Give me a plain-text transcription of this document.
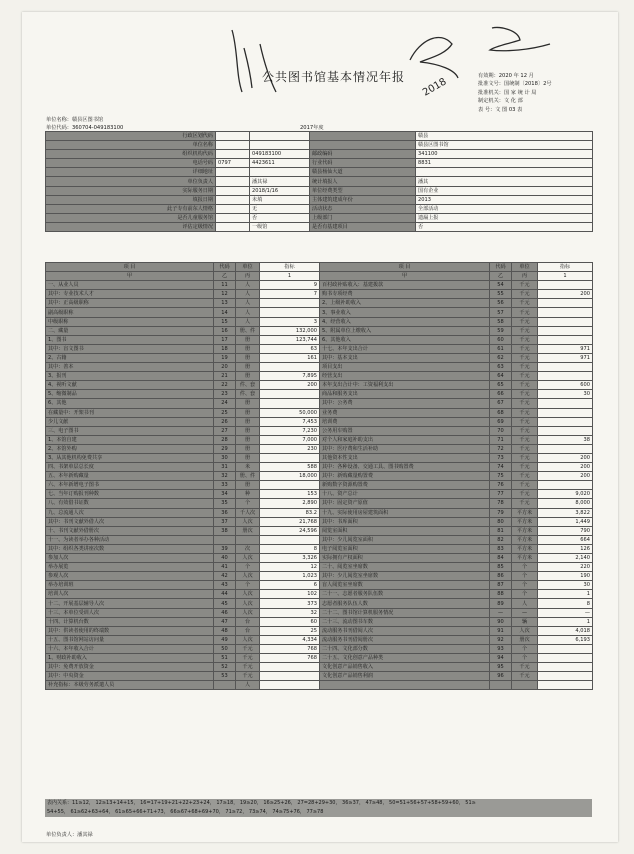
2018
公共图书馆基本情况年报	有效期：2020 年 12 月
批准文号：国统制〔2018〕2号
批准机关：国 家 统 计 局
制定机关：文 化 部
表 号：文 图 03 表
单位名称：赣县区图书馆
单位代码：360704-049183100	2017年度
行政区划代码				赣县
单位名称				赣县区图书馆
组织机构代码		049183100	邮政编码	341100
电话号码	0797	4423611	行业代码	8831
详细地址			赣县杨仙大道	
单位负责人		潘其禄	统计填报人	潘其
实际服务日期		2018/1/16	单位经费类型	国有企业
填报日期		未填	主体建筑建成年份	2013
此子专有前东人情格		无	活动状态	全部活动
是否儿童服务馆		否	上级部门	遗漏上报
评估定级情况		一级馆	是否有基建项目	否
项 目	代码	单位	指标	项 目	代码	单位	指标
甲	乙	丙	1	甲	乙	丙	1
一、从业人员	11	人	9	百村政补贴收入：基建拨款	54	千元	
其中：专业技术人才	12	人	7	购书专项经费	55	千元	200
其中：正高级职称	13	人		2、上级补助收入	56	千元	
副高级职称	14	人		3、事业收入	57	千元	
中级职称	15	人	3	4、经营收入	58	千元	
二、藏量	16	册、件	132,000	5、附属单位上缴收入	59	千元	
1、图书	17	册	123,744	6、其他收入	60	千元	
其中：盲文图书	18	册	63	十七、本年支出合计	61	千元	971
2、古籍	19	册	161	其中：基本支出	62	千元	971
其中：善本	20	册		项目支出	63	千元	
3、报刊	21	册	7,895	经营支出	64	千元	
4、视听文献	22	件、套	200	本年支出合计中：工资福利支出	65	千元	600
5、缩微制品	23	件、套		商品和服务支出	66	千元	30
6、其他	24	册		其中：公务费	67	千元	
在藏量中：开架书刊	25	册	50,000	业务费	68	千元	
少儿文献	26	册	7,453	培训费	69	千元	
三、电子图书	27	册	7,230	公务用车购置	70	千元	
1、本馆自建	28	册	7,000	对个人和家庭补助支出	71	千元	38
2、本馆外购	29	册	230	其中：医疗费和生活补助	72	千元	
3、从其他机构免费共享	30	册		其他资本性支出	73	千元	200
四、书架单层总长度	31	米	588	其中：各种设备、交通工具、图书购置费	74	千元	200
五、本年新购藏量	32	册、件	18,000	其中：新购藏量购置费	75	千元	200
六、本年新增电子图书	33	册		新购数字资源购置费	76	千元	
七、当年订购报刊种数	34	种	153	十八、资产总计	77	千元	9,020
八、有效借书证数	35	个	2,890	其中：固定资产原值	78	千元	8,000
九、总流通人次	36	千人次	83.2	十九、实际使用房屋建筑面积	79	平方米	3,822
其中：书刊文献外借人次	37	人次	21,768	其中：书库面积	80	平方米	1,449
十、书刊文献外借册次	38	册次	24,596	阅览室面积	81	平方米	790
十一、为读者举办各种活动				其中：少儿阅览室面积	82	平方米	664
其中：组织各类讲座次数	39	次	8	电子阅览室面积	83	平方米	126
参加人次	40	人次	3,326	实际拥有产权面积	84	平方米	2,140
举办展览	41	个	12	二十、阅览室坐席数	85	个	220
参观人次	42	人次	1,023	其中：少儿阅览室坐席数	86	个	190
举办培训班	43	个	6	盲人阅览室坐席数	87	个	30
培训人次	44	人次	102	二十一、志愿者服务队伍数	88	个	1
十二、开展基层辅导人次	45	人次	373	志愿者服务队伍人数	89	人	8
十三、本单位受训人次	46	人次	32	二十二、图书馆计算机服务情况	—	—	—
十四、计算机台数	47	台	60	二十三、流动图书车数	90	辆	1
其中：供读者使用的终端数	48	台	25	流动服务书刊借阅人次	91	人次	4,018
十五、图书馆网站访问量	49	人次	4,334	流动服务书刊借阅册次	92	册次	6,193
十六、本年收入合计	50	千元	768	二十四、文化部分数	93	个	
1、财政补助收入	51	千元	768	二十五、文化创意产品种类	94	个	
其中：免费开放资金	52	千元		文化创意产品销售收入	95	千元	
其中：中央资金	53	千元		文化创意产品销售利润	96	千元	
补充指标：本级劳务派遣人员		人					
表内关系：11≥12， 12≥13+14+15， 16=17+19+21+22+23+24， 17≥18， 19≥20， 16≥25+26， 27=28+29+30， 36≥37， 47≥48， 50=51+56+57+58+59+60， 51≥
54+55， 61≥62+63+64， 61≥65+66+71+73， 66≥67+68+69+70， 71≥72， 73≥74， 74≥75+76， 77≥78
单位负责人：潘其禄
